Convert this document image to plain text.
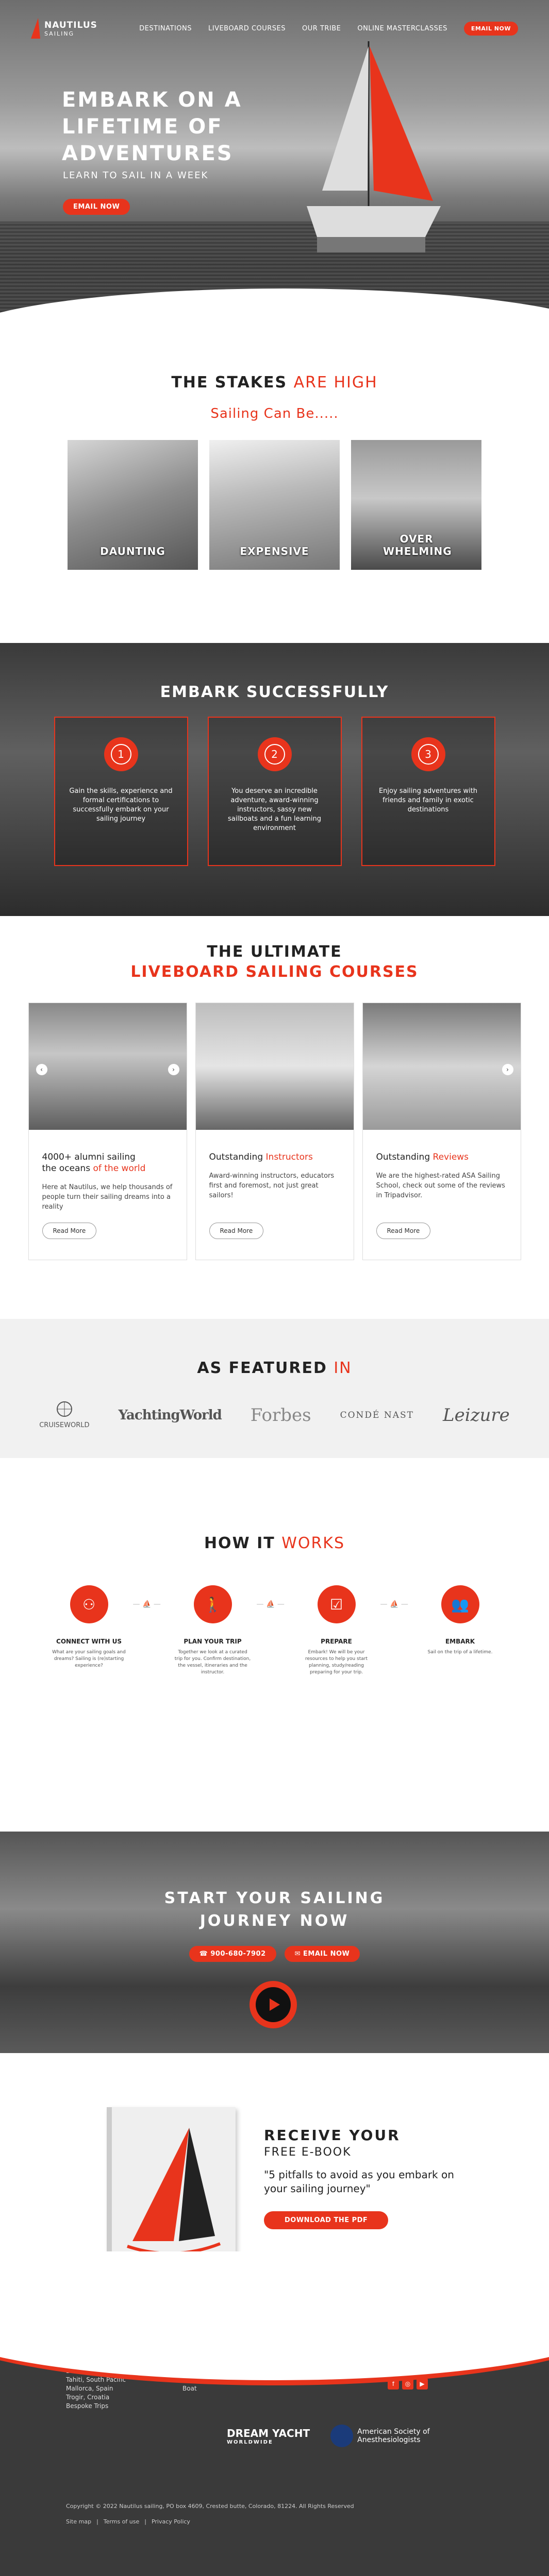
NAUTILUS
SAILING
DESTINATIONS LIVEBOARD COURSES OUR TRIBE ONLINE MASTERCLASSES	EMAIL NOW
EMBARK ON A LIFETIME OF ADVENTURES
LEARN TO SAIL IN A WEEK
EMAIL NOW
THE STAKES ARE HIGH
Sailing Can Be.....
DAUNTING	EXPENSIVE
OVER WHELMING
EMBARK SUCCESSFULLY
1

Gain the skills, experience and formal certifications to successfully embark on your sailing journey

2

You deserve an incredible adventure, award-winning instructors, sassy new sailboats and a fun learning environment

3

Enjoy sailing adventures with friends and family in exotic destinations

THE ULTIMATE
LIVEBOARD SAILING COURSES
‹	›
4000+ alumni sailing
the oceans of the world

Here at Nautilus, we help thousands of people turn their sailing dreams into a reality

Read More
Outstanding Instructors

Award-winning instructors, educators first and foremost, not just great sailors!

Read More
›
Outstanding Reviews

We are the highest-rated ASA Sailing School, check out some of the reviews in Tripadvisor.

Read More
AS FEATURED IN
CRUISEWORLD
YachtingWorld Forbes	CONDÉ NAST Leizure
HOW IT WORKS
⚇
CONNECT WITH US

What are your sailing goals and dreams? Sailing is (re)starting experience?

— ⛵ —	🚶
PLAN YOUR TRIP

Together we look at a curated trip for you. Confirm destination, the vessel, itineraries and the instructor.

— ⛵ —	☑
PREPARE

Embark! We will be your resources to help you start planning, study/reading preparing for your trip.

— ⛵ —	👥
EMBARK

Sail on the trip of a lifetime.

START YOUR SAILING
JOURNEY NOW
☎ 900-680-7902	✉ EMAIL NOW
RECEIVE YOUR
FREE E-BOOK
"5 pitfalls to avoid as you embark on your sailing journey"
DOWNLOAD THE PDF
Tahiti, South Pacific
Mallorca, Spain
Trogir, Croatia
Bespoke Trips
Boat
f	◎	▶
DREAM YACHT
WORLDWIDE
American Society of Anesthesiologists
Copyright © 2022 Nautilus sailing, PO box 4609, Crested butte, Colorado, 81224. All Rights Reserved
Site map | Terms of use | Privacy Policy
